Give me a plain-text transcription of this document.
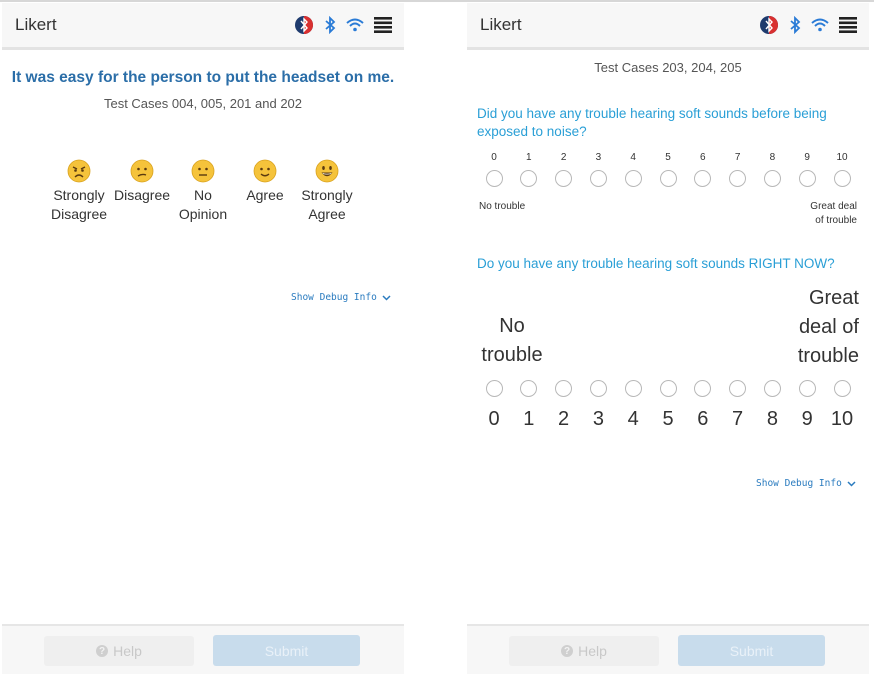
Likert
It was easy for the person to put the headset on me.
Test Cases 004, 005, 201 and 202
Strongly
Disagree
Disagree	No
Opinion
Agree	Strongly
Agree
Show Debug Info
? Help	Submit
Likert
Test Cases 203, 204, 205
Did you have any trouble hearing soft sounds before being exposed to noise?
0	1	2	3	4	5	6	7	8	9	10
No trouble	Great deal
of trouble
Do you have any trouble hearing soft sounds RIGHT NOW?
No
trouble
Great
deal of
trouble
0	1	2	3	4	5	6	7	8	9 10
Show Debug Info
? Help	Submit
